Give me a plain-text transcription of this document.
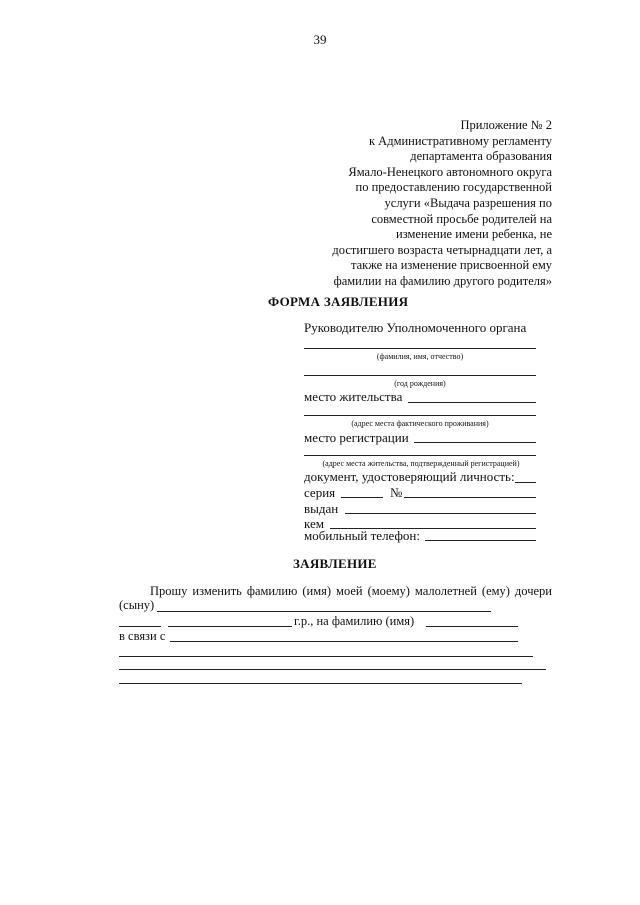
39
Приложение № 2
к Административному регламенту
департамента образования
Ямало-Ненецкого автономного округа
по предоставлению государственной
услуги «Выдача разрешения по
совместной просьбе родителей на
изменение имени ребенка, не
достигшего возраста четырнадцати лет, а
также на изменение присвоенной ему
фамилии на фамилию другого родителя»
ФОРМА ЗАЯВЛЕНИЯ
Руководителю Уполномоченного органа
(фамилия, имя, отчество)
(год рождения)
место жительства
(адрес места фактического проживания)
место регистрации
(адрес места жительства, подтвержденный регистрацией)
документ, удостоверяющий личность:
серия	№
выдан
кем
мобильный телефон:
ЗАЯВЛЕНИЕ
Прошу изменить фамилию (имя) моей (моему) малолетней (ему) дочери
(сыну)
г.р., на фамилию (имя)
в связи с
